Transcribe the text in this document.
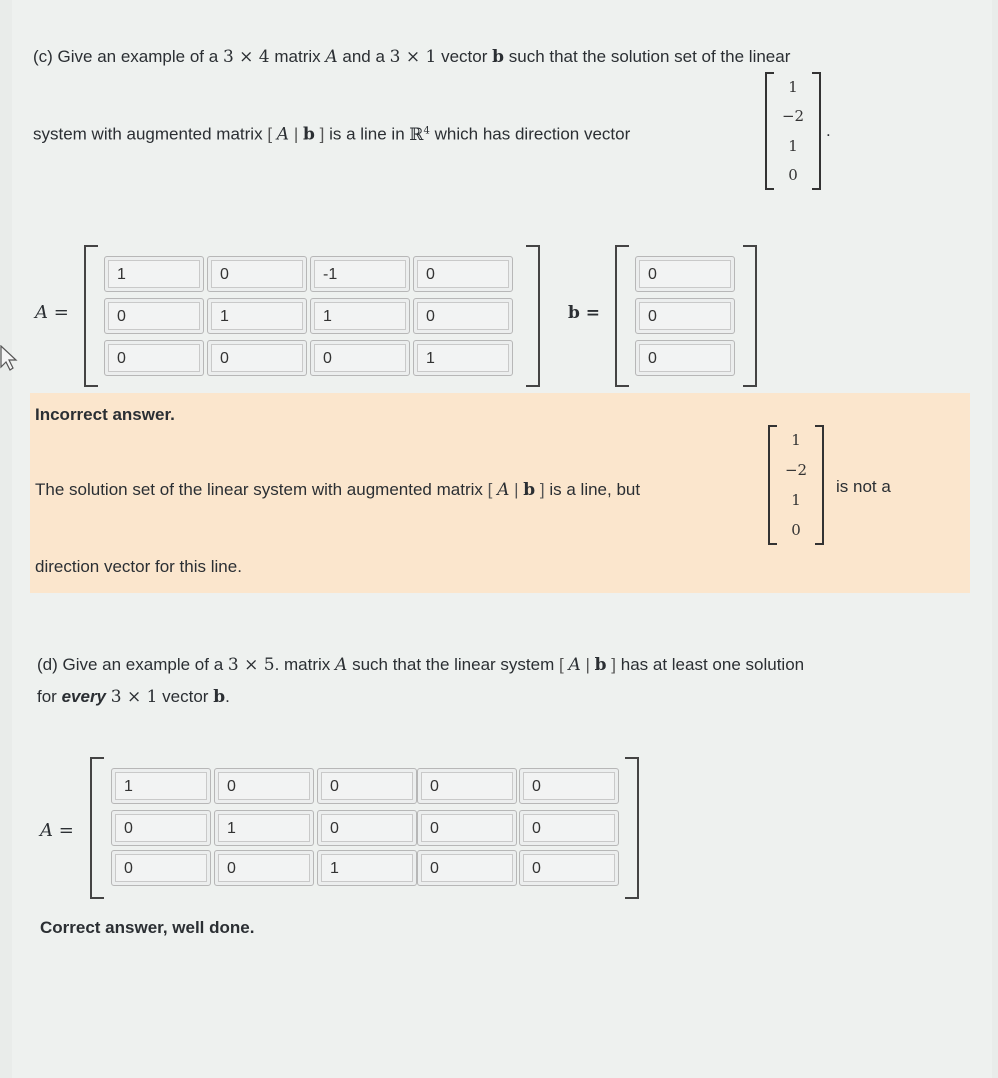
(c) Give an example of a 3 × 4 matrix A and a 3 × 1 vector b such that the solution set of the linear
system with augmented matrix [ A | b ] is a line in ℝ$^4$ which has direction vector
1
−2
1
0
.
A =
1	0	-1	0
0	1	1	0
0	0	0	1
b =
0
0
0
Incorrect answer.
The solution set of the linear system with augmented matrix [ A | b ] is a line, but
1
−2
1
0
is not a
direction vector for this line.
(d) Give an example of a 3 × 5. matrix A such that the linear system [ A | b ] has at least one solution
for every 3 × 1 vector b.
A =
1	0	0	0	0
0	1	0	0	0
0	0	1	0	0
Correct answer, well done.
